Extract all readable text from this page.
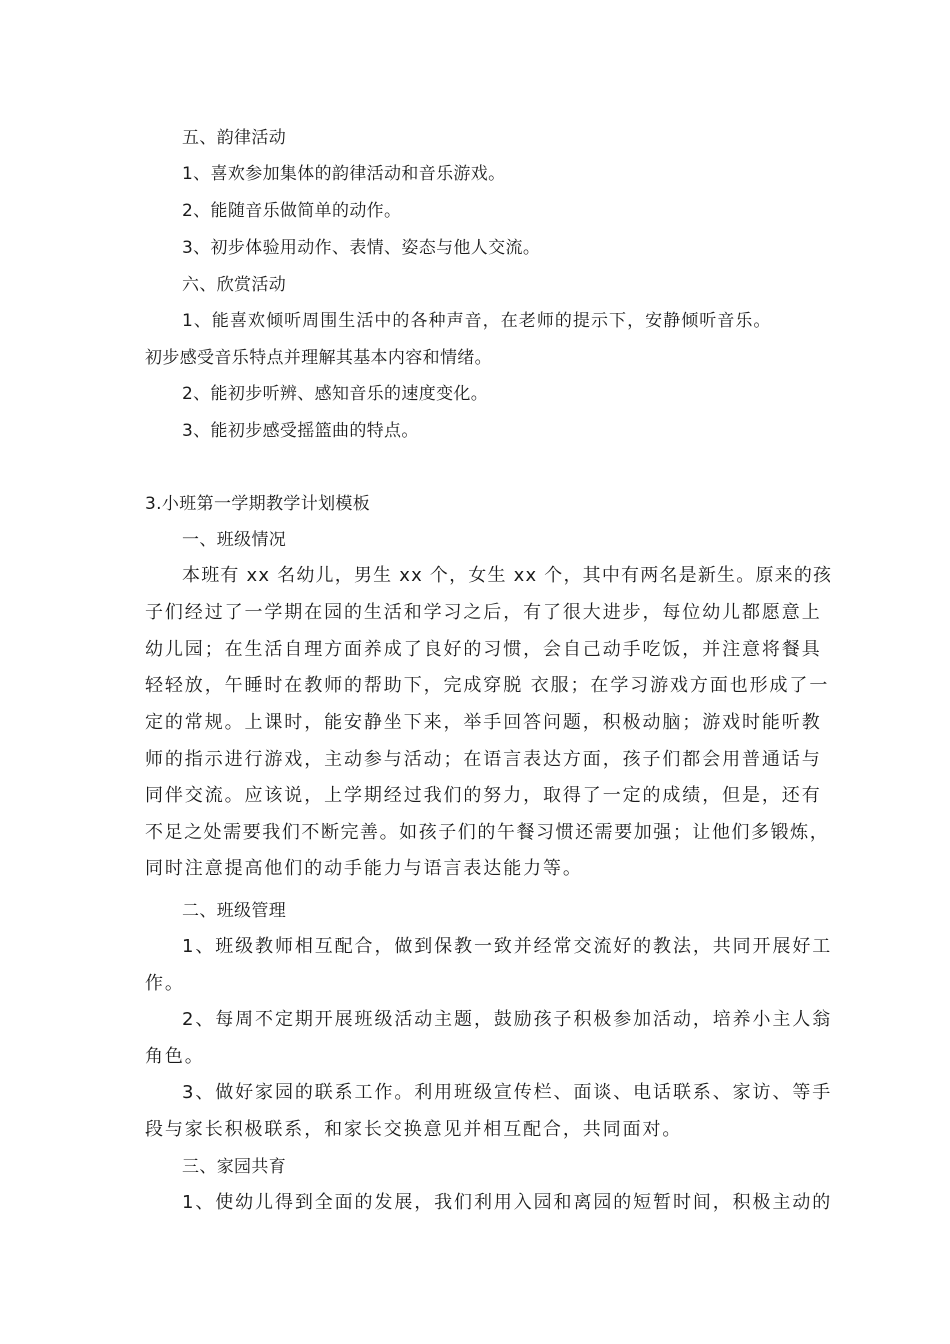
五、韵律活动
1、喜欢参加集体的韵律活动和音乐游戏。
2、能随音乐做简单的动作。
3、初步体验用动作、表情、姿态与他人交流。
六、欣赏活动
1、能喜欢倾听周围生活中的各种声音，在老师的提示下，安静倾听音乐。
初步感受音乐特点并理解其基本内容和情绪。
2、能初步听辨、感知音乐的速度变化。
3、能初步感受摇篮曲的特点。
3.小班第一学期教学计划模板
一、班级情况
本班有 xx 名幼儿，男生 xx 个，女生 xx 个，其中有两名是新生。原来的孩
子们经过了一学期在园的生活和学习之后，有了很大进步，每位幼儿都愿意上
幼儿园；在生活自理方面养成了良好的习惯，会自己动手吃饭，并注意将餐具
轻轻放，午睡时在教师的帮助下，完成穿脱 衣服；在学习游戏方面也形成了一
定的常规。上课时，能安静坐下来，举手回答问题，积极动脑；游戏时能听教
师的指示进行游戏，主动参与活动；在语言表达方面，孩子们都会用普通话与
同伴交流。应该说，上学期经过我们的努力，取得了一定的成绩，但是，还有
不足之处需要我们不断完善。如孩子们的午餐习惯还需要加强；让他们多锻炼，
同时注意提高他们的动手能力与语言表达能力等。
二、班级管理
1、班级教师相互配合，做到保教一致并经常交流好的教法，共同开展好工
作。
2、每周不定期开展班级活动主题，鼓励孩子积极参加活动，培养小主人翁
角色。
3、做好家园的联系工作。利用班级宣传栏、面谈、电话联系、家访、等手
段与家长积极联系，和家长交换意见并相互配合，共同面对。
三、家园共育
1、使幼儿得到全面的发展，我们利用入园和离园的短暂时间，积极主动的
